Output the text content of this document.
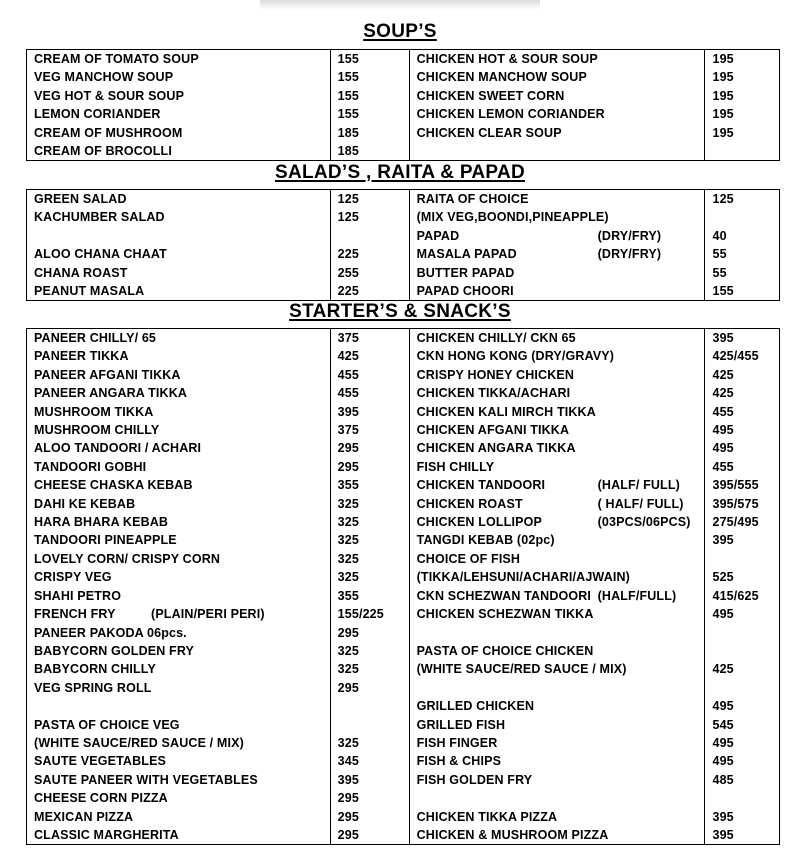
SOUP’S
CREAM OF TOMATO SOUP	155	CHICKEN HOT & SOUR SOUP	195
VEG MANCHOW SOUP	155	CHICKEN MANCHOW SOUP	195
VEG HOT & SOUR SOUP	155	CHICKEN SWEET CORN	195
LEMON CORIANDER	155	CHICKEN LEMON CORIANDER	195
CREAM OF MUSHROOM	185	CHICKEN CLEAR SOUP	195
CREAM OF BROCOLLI	185		
SALAD’S , RAITA & PAPAD
GREEN SALAD	125	RAITA OF CHOICE	125
KACHUMBER SALAD	125	(MIX VEG,BOONDI,PINEAPPLE)	
		PAPAD (DRY/FRY)	40
ALOO CHANA CHAAT	225	MASALA PAPAD (DRY/FRY)	55
CHANA ROAST	255	BUTTER PAPAD	55
PEANUT MASALA	225	PAPAD CHOORI	155
STARTER’S & SNACK’S
PANEER CHILLY/ 65	375	CHICKEN CHILLY/ CKN 65	395
PANEER TIKKA	425	CKN HONG KONG (DRY/GRAVY)	425/455
PANEER AFGANI TIKKA	455	CRISPY HONEY CHICKEN	425
PANEER ANGARA TIKKA	455	CHICKEN TIKKA/ACHARI	425
MUSHROOM TIKKA	395	CHICKEN KALI MIRCH TIKKA	455
MUSHROOM CHILLY	375	CHICKEN AFGANI TIKKA	495
ALOO TANDOORI / ACHARI	295	CHICKEN ANGARA TIKKA	495
TANDOORI GOBHI	295	FISH CHILLY	455
CHEESE CHASKA KEBAB	355	CHICKEN TANDOORI (HALF/ FULL)	395/555
DAHI KE KEBAB	325	CHICKEN ROAST ( HALF/ FULL)	395/575
HARA BHARA KEBAB	325	CHICKEN LOLLIPOP (03PCS/06PCS)	275/495
TANDOORI PINEAPPLE	325	TANGDI KEBAB (02pc)	395
LOVELY CORN/ CRISPY CORN	325	CHOICE OF FISH	
CRISPY VEG	325	(TIKKA/LEHSUNI/ACHARI/AJWAIN)	525
SHAHI PETRO	355	CKN SCHEZWAN TANDOORI (HALF/FULL)	415/625
FRENCH FRY (PLAIN/PERI PERI)	155/225	CHICKEN SCHEZWAN TIKKA	495
PANEER PAKODA 06pcs.	295		
BABYCORN GOLDEN FRY	325	PASTA OF CHOICE CHICKEN	
BABYCORN CHILLY	325	(WHITE SAUCE/RED SAUCE / MIX)	425
VEG SPRING ROLL	295		
		GRILLED CHICKEN	495
PASTA OF CHOICE VEG		GRILLED FISH	545
(WHITE SAUCE/RED SAUCE / MIX)	325	FISH FINGER	495
SAUTE VEGETABLES	345	FISH & CHIPS	495
SAUTE PANEER WITH VEGETABLES	395	FISH GOLDEN FRY	485
CHEESE CORN PIZZA	295		
MEXICAN PIZZA	295	CHICKEN TIKKA PIZZA	395
CLASSIC MARGHERITA	295	CHICKEN & MUSHROOM PIZZA	395
